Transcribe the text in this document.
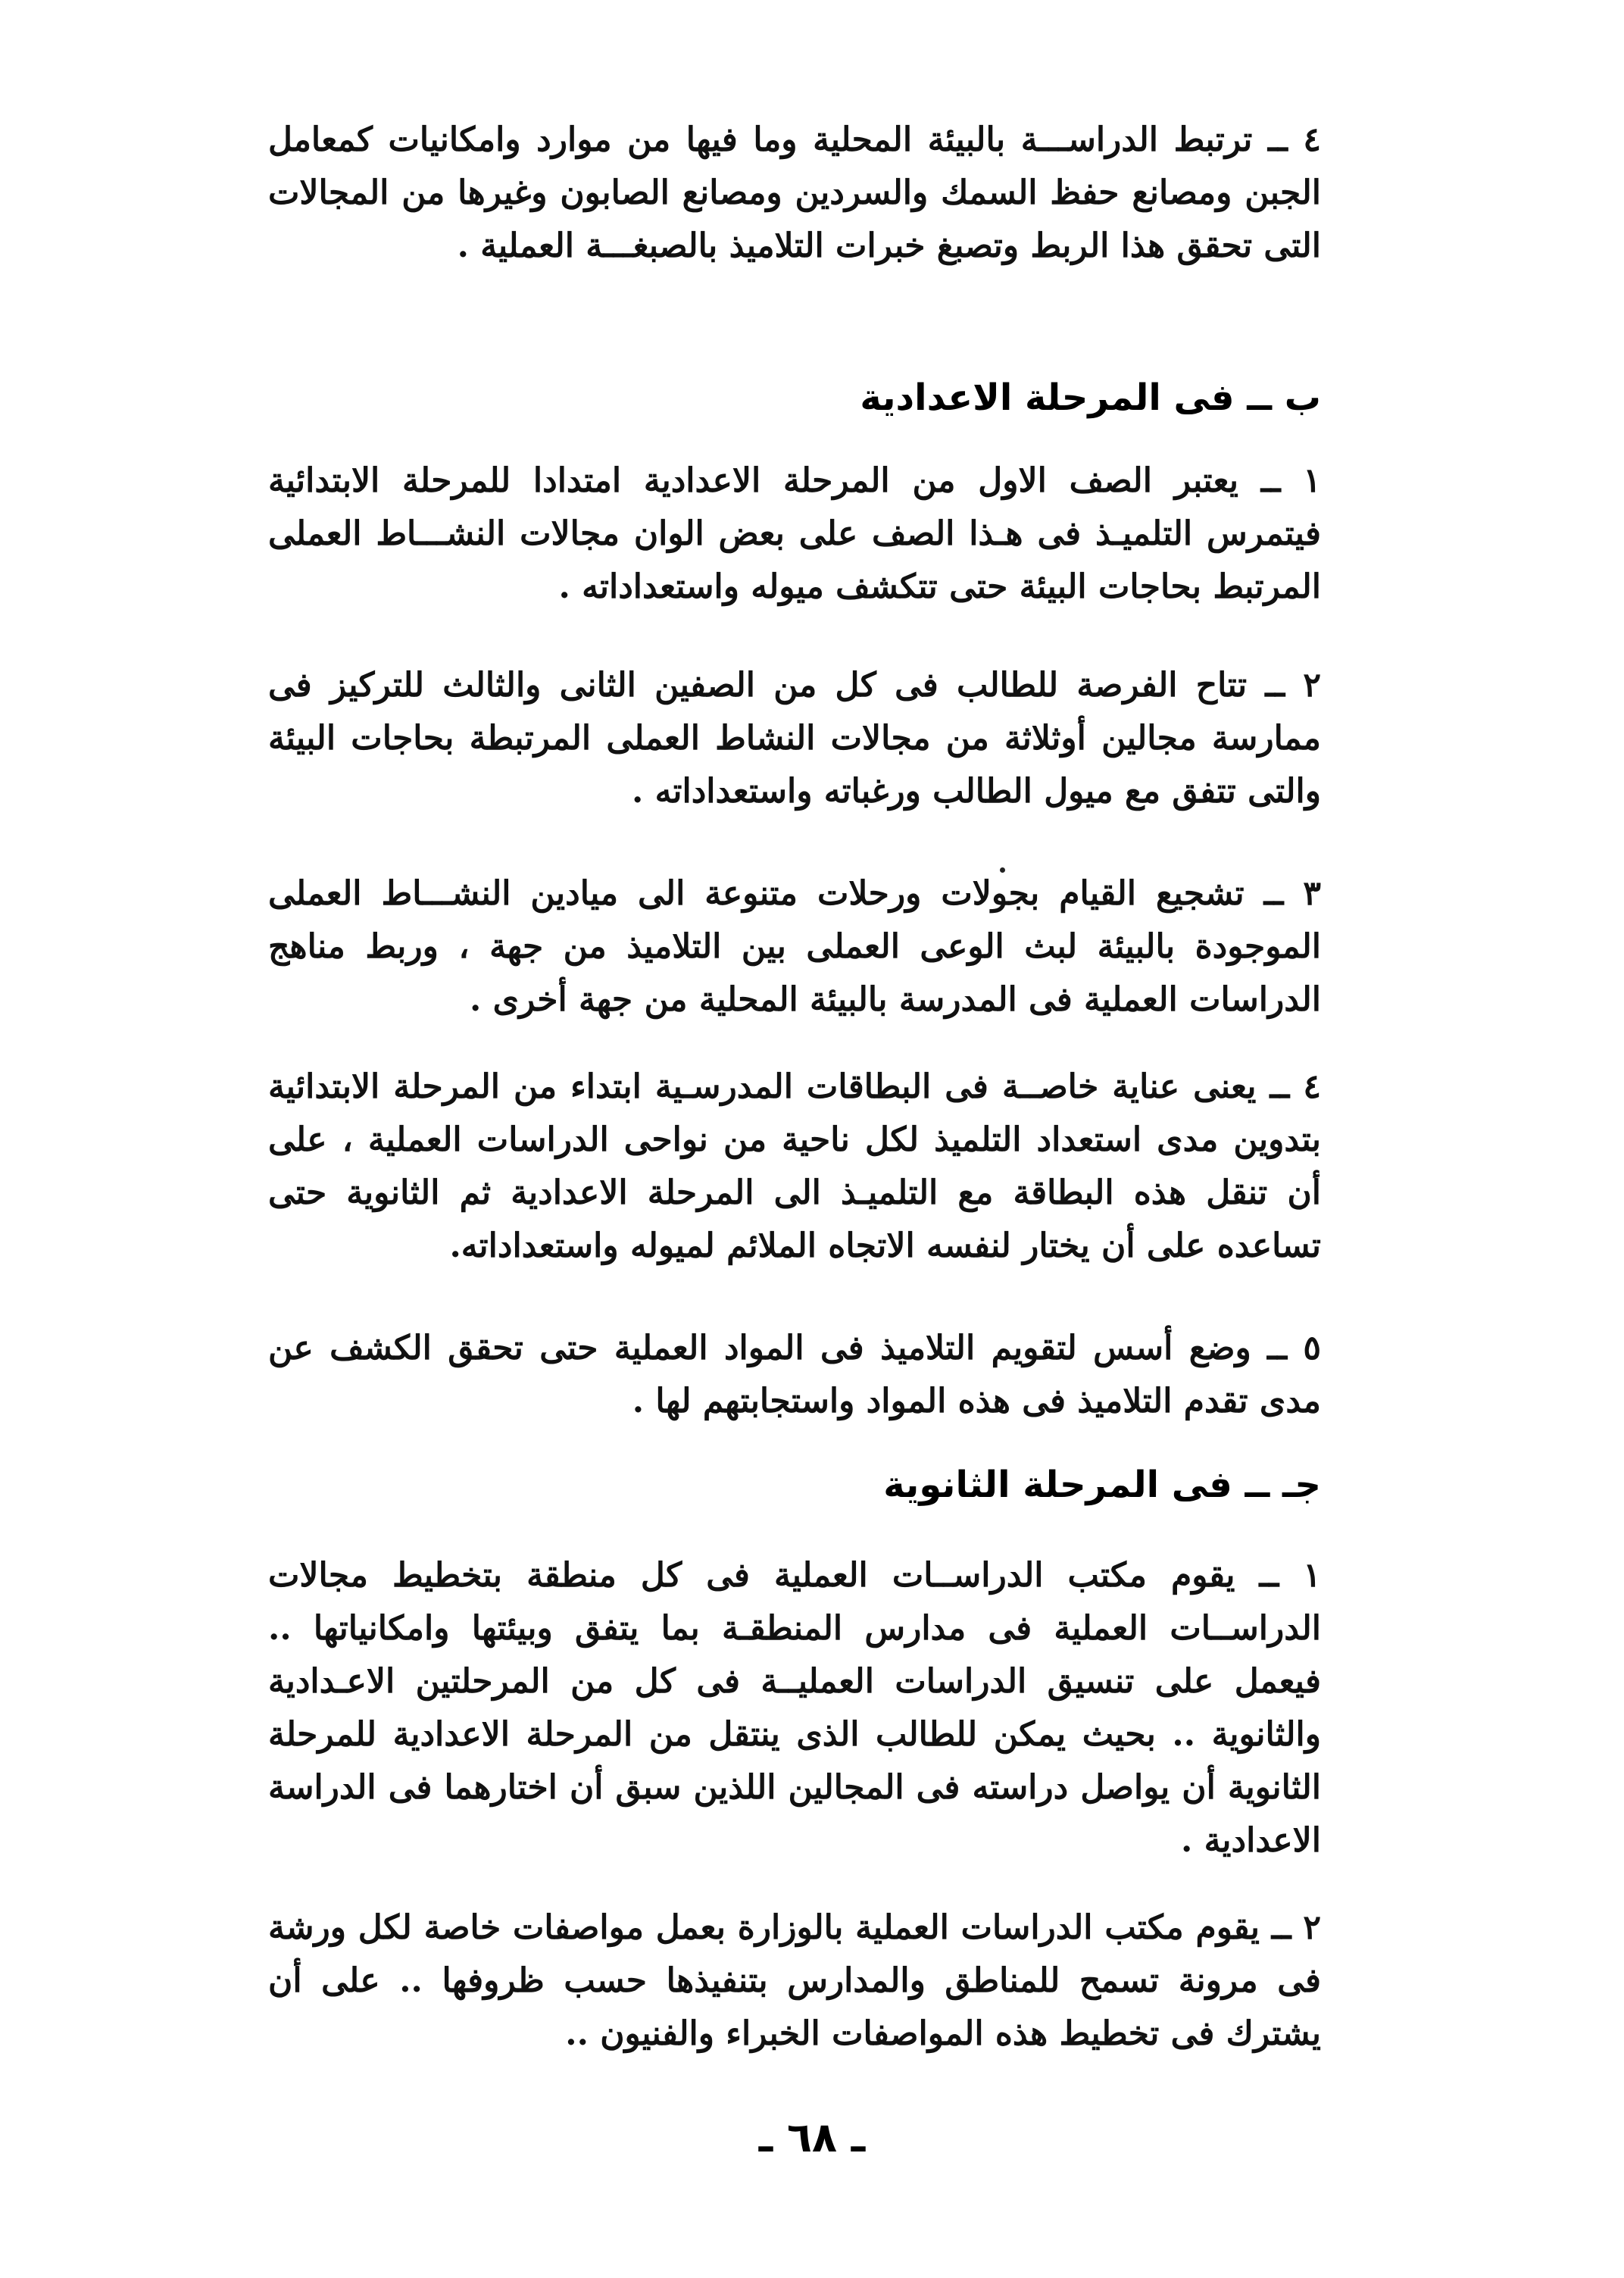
٤ ــ ترتبط الدراســـة بالبيئة المحلية وما فيها من موارد وامكانيات كمعامل الجبن ومصانع حفظ السمك والسردين ومصانع الصابون وغيرها من المجالات التى تحقق هذا الربط وتصبغ خبرات التلاميذ بالصبغـــة العملية .

ب ــ فى المرحلة الاعدادية

١ ــ يعتبر الصف الاول من المرحلة الاعدادية امتدادا للمرحلة الابتدائية فيتمرس التلميـذ فى هـذا الصف على بعض الوان مجالات النشـــاط العملى المرتبط بحاجات البيئة حتى تتكشف ميوله واستعداداته .

٢ ــ تتاح الفرصة للطالب فى كل من الصفين الثانى والثالث للتركيز فى ممارسة مجالين أوثلاثة من مجالات النشاط العملى المرتبطة بحاجات البيئة والتى تتفق مع ميول الطالب ورغباته واستعداداته .

٣ ــ تشجيع القيام بجولات ورحلات متنوعة الى ميادين النشـــاط العملى الموجودة بالبيئة لبث الوعى العملى بين التلاميذ من جهة ، وربط مناهج الدراسات العملية فى المدرسة بالبيئة المحلية من جهة أخرى .

٤ ــ يعنى عناية خاصــة فى البطاقات المدرسـية ابتداء من المرحلة الابتدائية بتدوين مدى استعداد التلميذ لكل ناحية من نواحى الدراسات العملية ، على أن تنقل هذه البطاقة مع التلميـذ الى المرحلة الاعدادية ثم الثانوية حتى تساعده على أن يختار لنفسه الاتجاه الملائم لميوله واستعداداته.

٥ ــ وضع أسس لتقويم التلاميذ فى المواد العملية حتى تحقق الكشف عن مدى تقدم التلاميذ فى هذه المواد واستجابتهم لها .

جـ ــ فى المرحلة الثانوية

١ ــ يقوم مكتب الدراســات العملية فى كل منطقة بتخطيط مجالات الدراســات العملية فى مدارس المنطقـة بما يتفق وبيئتها وامكانياتها .. فيعمل على تنسيق الدراسات العمليــة فى كل من المرحلتين الاعـدادية والثانوية .. بحيث يمكن للطالب الذى ينتقل من المرحلة الاعدادية للمرحلة الثانوية أن يواصل دراسته فى المجالين اللذين سبق أن اختارهما فى الدراسة الاعدادية .

٢ ــ يقوم مكتب الدراسات العملية بالوزارة بعمل مواصفات خاصة لكل ورشة فى مرونة تسمح للمناطق والمدارس بتنفيذها حسب ظروفها .. على أن يشترك فى تخطيط هذه المواصفات الخبراء والفنيون ..

ـ ٦٨ ـ
